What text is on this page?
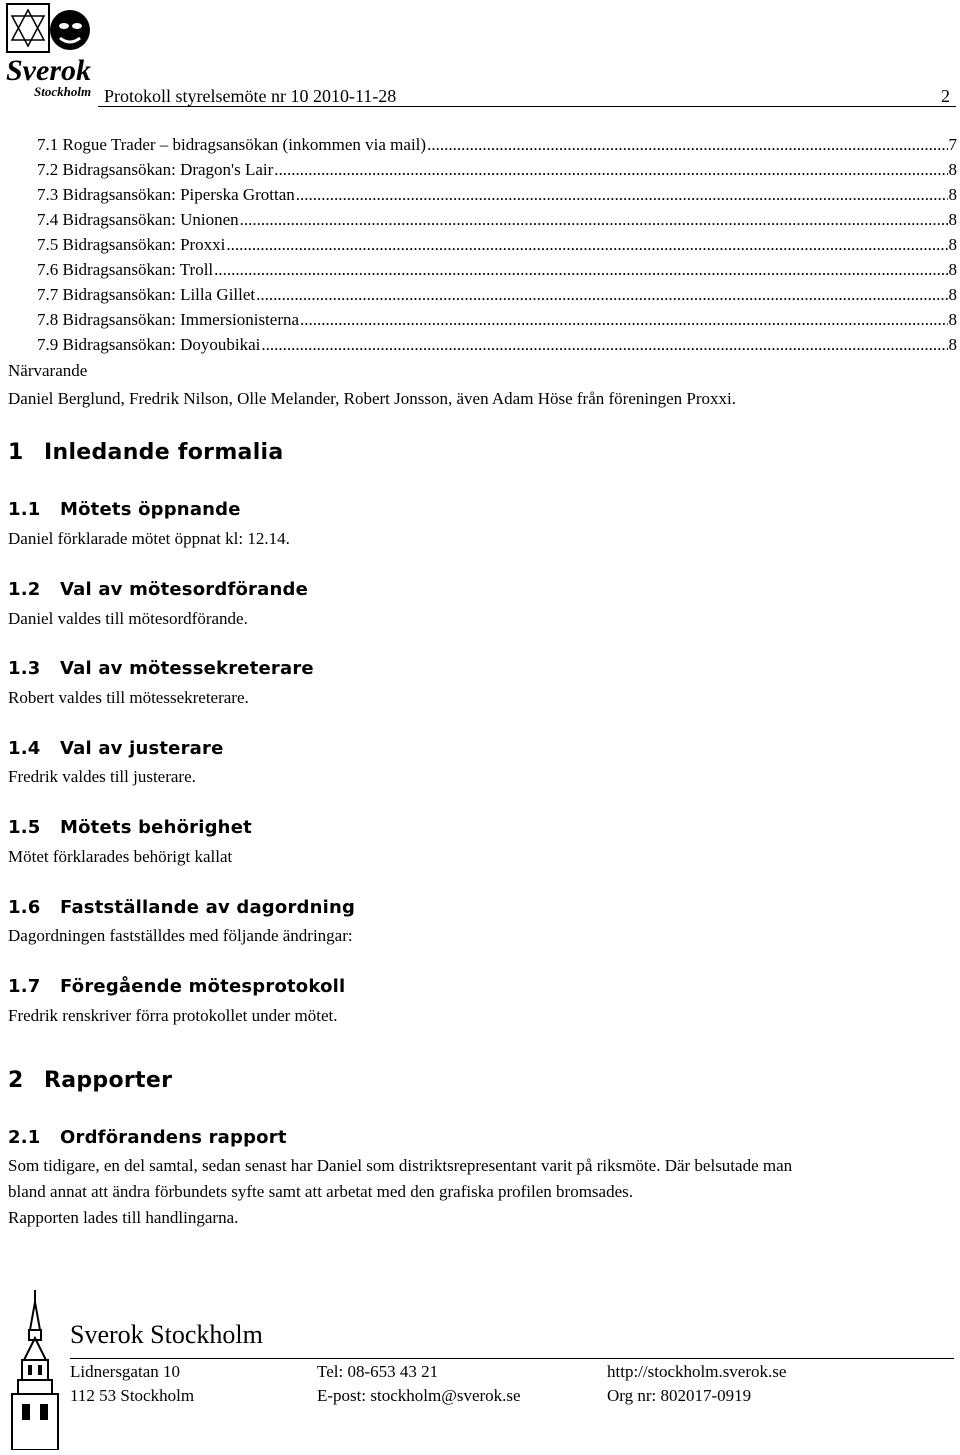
Sverok
Stockholm Protokoll styrelsemöte nr 10 2010-11-28	2
7.1 Rogue Trader – bidragsansökan (inkommen via mail) .....	7
7.2 Bidragsansökan: Dragon's Lair .....	8
7.3 Bidragsansökan: Piperska Grottan .....	8
7.4 Bidragsansökan: Unionen .....	8
7.5 Bidragsansökan: Proxxi .....	8
7.6 Bidragsansökan: Troll .....	8
7.7 Bidragsansökan: Lilla Gillet .....	8
7.8 Bidragsansökan: Immersionisterna .....	8
7.9 Bidragsansökan: Doyoubikai .....	8
Närvarande
Daniel Berglund, Fredrik Nilson, Olle Melander, Robert Jonsson, även Adam Höse från föreningen Proxxi.
1 Inledande formalia
1.1 Mötets öppnande
Daniel förklarade mötet öppnat kl: 12.14.
1.2 Val av mötesordförande
Daniel valdes till mötesordförande.
1.3 Val av mötessekreterare
Robert valdes till mötessekreterare.
1.4 Val av justerare
Fredrik valdes till justerare.
1.5 Mötets behörighet
Mötet förklarades behörigt kallat
1.6 Fastställande av dagordning
Dagordningen fastställdes med följande ändringar:
1.7 Föregående mötesprotokoll
Fredrik renskriver förra protokollet under mötet.
2 Rapporter
2.1 Ordförandens rapport
Som tidigare, en del samtal, sedan senast har Daniel som distriktsrepresentant varit på riksmöte. Där belsutade man
bland annat att ändra förbundets syfte samt att arbetat med den grafiska profilen bromsades.
Rapporten lades till handlingarna.
Sverok Stockholm
Lidnersgatan 10
112 53 Stockholm
Tel: 08-653 43 21
E-post: stockholm@sverok.se
http://stockholm.sverok.se
Org nr: 802017-0919
